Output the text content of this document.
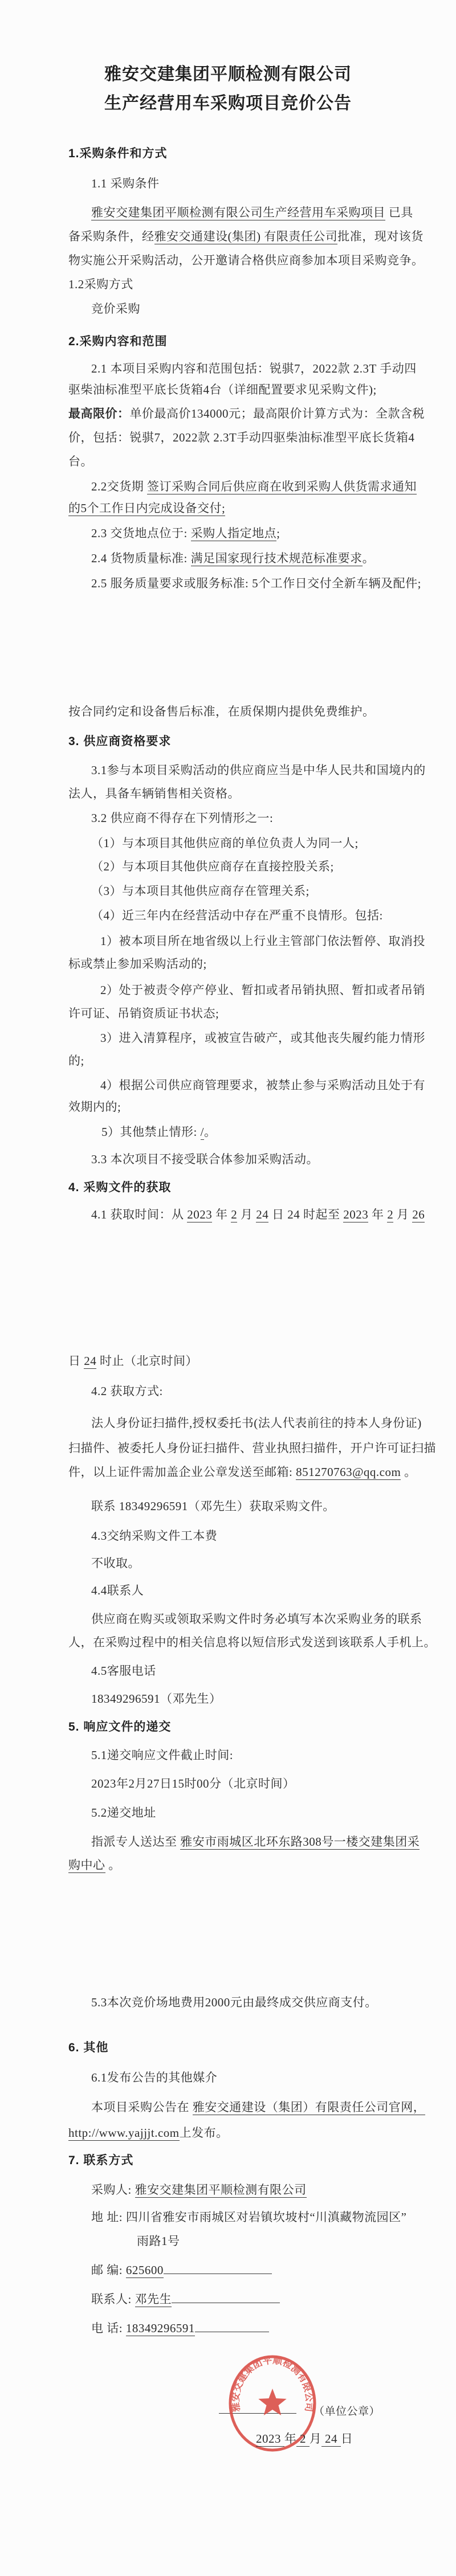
雅安交建集团平顺检测有限公司

生产经营用车采购项目竞价公告

1.采购条件和方式

1.1 采购条件

雅安交建集团平顺检测有限公司生产经营用车采购项目 已具

备采购条件，经雅安交通建设(集团) 有限责任公司批准，现对该货

物实施公开采购活动，公开邀请合格供应商参加本项目采购竞争。

1.2采购方式

竞价采购

2.采购内容和范围

2.1 本项目采购内容和范围包括：锐骐7，2022款 2.3T 手动四

驱柴油标准型平底长货箱4台（详细配置要求见采购文件);

最高限价：单价最高价134000元；最高限价计算方式为：全款含税

价，包括：锐骐7，2022款 2.3T手动四驱柴油标准型平底长货箱4

台。

2.2交货期 签订采购合同后供应商在收到采购人供货需求通知

的5个工作日内完成设备交付;

2.3 交货地点位于: 采购人指定地点;

2.4 货物质量标准: 满足国家现行技术规范标准要求。

2.5 服务质量要求或服务标准: 5个工作日交付全新车辆及配件;

按合同约定和设备售后标准，在质保期内提供免费维护。

3. 供应商资格要求

3.1参与本项目采购活动的供应商应当是中华人民共和国境内的

法人，具备车辆销售相关资格。

3.2 供应商不得存在下列情形之一:

（1）与本项目其他供应商的单位负责人为同一人;

（2）与本项目其他供应商存在直接控股关系;

（3）与本项目其他供应商存在管理关系;

（4）近三年内在经营活动中存在严重不良情形。包括:

1）被本项目所在地省级以上行业主管部门依法暂停、取消投

标或禁止参加采购活动的;

2）处于被责令停产停业、暂扣或者吊销执照、暂扣或者吊销

许可证、吊销资质证书状态;

3）进入清算程序，或被宣告破产，或其他丧失履约能力情形

的;

4）根据公司供应商管理要求，被禁止参与采购活动且处于有

效期内的;

5）其他禁止情形: /。

3.3 本次项目不接受联合体参加采购活动。

4. 采购文件的获取

4.1 获取时间：从 2023 年 2 月 24 日 24 时起至 2023 年 2 月 26

日 24 时止（北京时间）

4.2 获取方式:

法人身份证扫描件,授权委托书(法人代表前往的持本人身份证)

扫描件、被委托人身份证扫描件、营业执照扫描件，开户许可证扫描

件，以上证件需加盖企业公章发送至邮箱: 851270763@qq.com 。

联系 18349296591（邓先生）获取采购文件。

4.3交纳采购文件工本费

不收取。

4.4联系人

供应商在购买或领取采购文件时务必填写本次采购业务的联系

人，在采购过程中的相关信息将以短信形式发送到该联系人手机上。

4.5客服电话

18349296591（邓先生）

5. 响应文件的递交

5.1递交响应文件截止时间:

2023年2月27日15时00分（北京时间）

5.2递交地址

指派专人送达至 雅安市雨城区北环东路308号一楼交建集团采

购中心 。

5.3本次竞价场地费用2000元由最终成交供应商支付。

6. 其他

6.1发布公告的其他媒介

本项目采购公告在 雅安交通建设（集团）有限责任公司官网，

http://www.yajjjt.com上发布。

7. 联系方式

采购人: 雅安交建集团平顺检测有限公司

地 址: 四川省雅安市雨城区对岩镇坎坡村“川滇藏物流园区”

雨路1号

邮 编: 625600

联系人: 邓先生

电 话: 18349296591

雅安交建集团平顺检测有限公司

（单位公章）

2023 年 2 月 24 日
